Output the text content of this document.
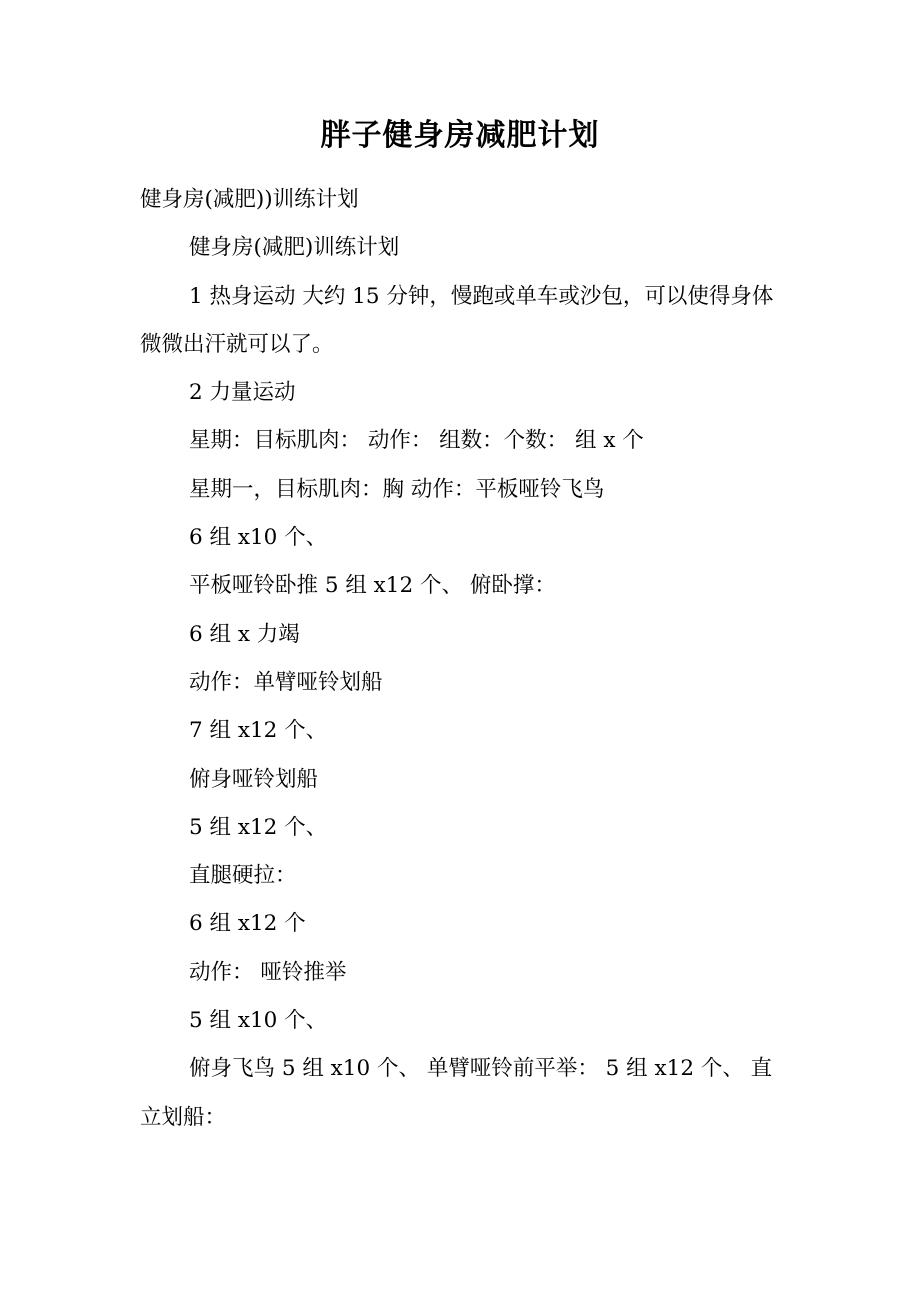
胖子健身房减肥计划

健身房(减肥))训练计划

健身房(减肥)训练计划

1 热身运动 大约 15 分钟，慢跑或单车或沙包，可以使得身体微微出汗就可以了。

2 力量运动

星期：目标肌肉： 动作： 组数：个数： 组 x 个

星期一，目标肌肉：胸 动作：平板哑铃飞鸟

6 组 x10 个、

平板哑铃卧推 5 组 x12 个、 俯卧撑：

6 组 x 力竭

动作：单臂哑铃划船

7 组 x12 个、

俯身哑铃划船

5 组 x12 个、

直腿硬拉：

6 组 x12 个

动作： 哑铃推举

5 组 x10 个、

俯身飞鸟 5 组 x10 个、 单臂哑铃前平举： 5 组 x12 个、 直立划船：
